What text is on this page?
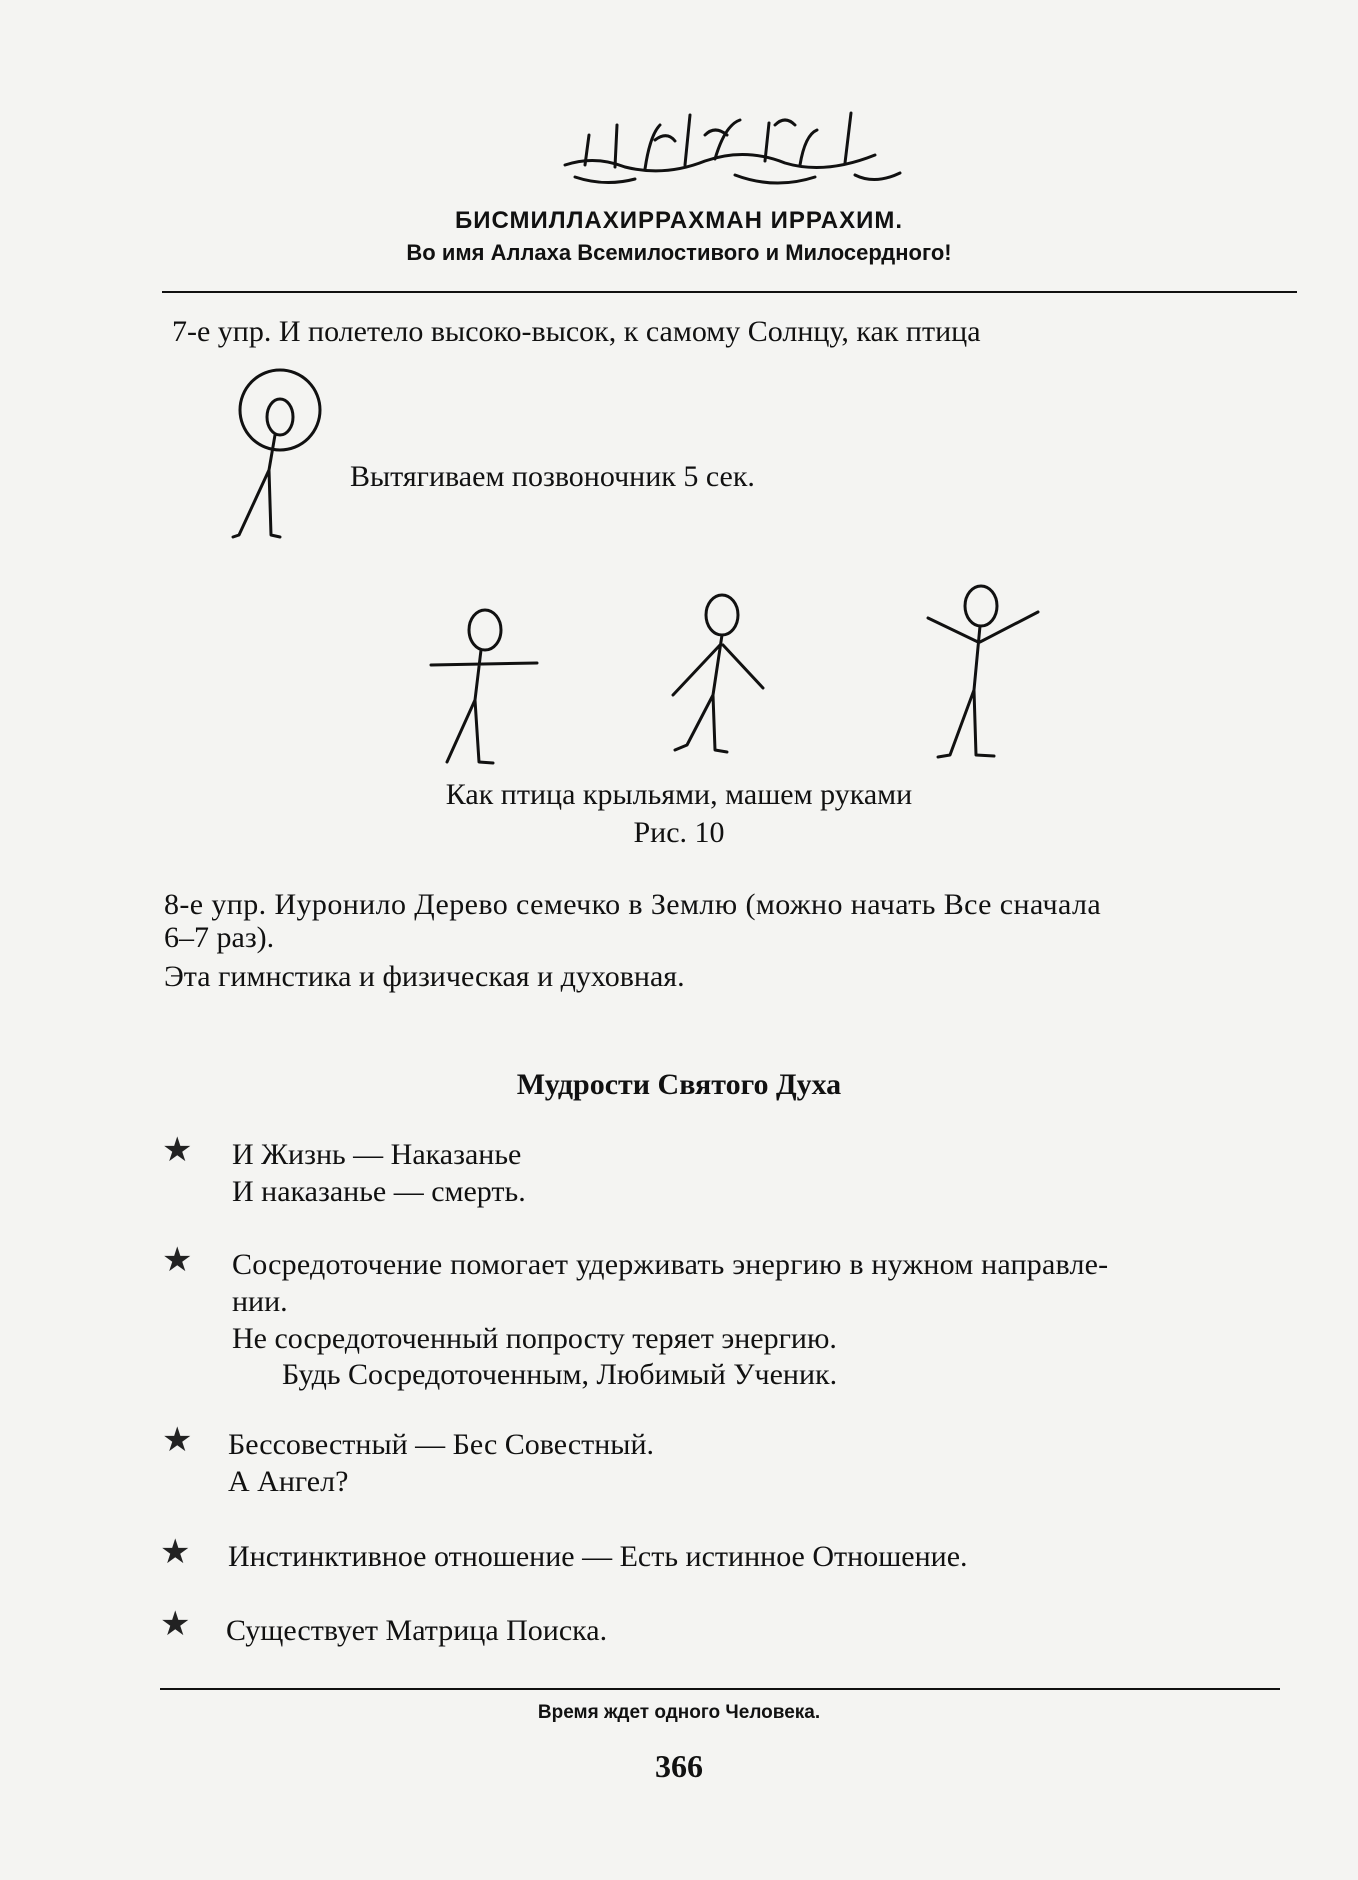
БИСМИЛЛАХИРРАХМАН ИРРАХИМ.
Во имя Аллаха Всемилостивого и Милосердного!
7-е упр. И полетело высоко-высок, к самому Солнцу, как птица
Вытягиваем позвоночник 5 сек.
Как птица крыльями, машем руками
Рис. 10
8-е упр. Иуронило Дерево семечко в Землю (можно начать Все сначала
6–7 раз).
Эта гимнстика и физическая и духовная.
Мудрости Святого Духа
★ И Жизнь — Наказанье
И наказанье — смерть.
★ Сосредоточение помогает удерживать энергию в нужном направле-
нии.
Не сосредоточенный попросту теряет энергию.
Будь Сосредоточенным, Любимый Ученик.
★ Бессовестный — Бес Совестный.
А Ангел?
★ Инстинктивное отношение — Есть истинное Отношение.
★ Существует Матрица Поиска.
Время ждет одного Человека.
366
